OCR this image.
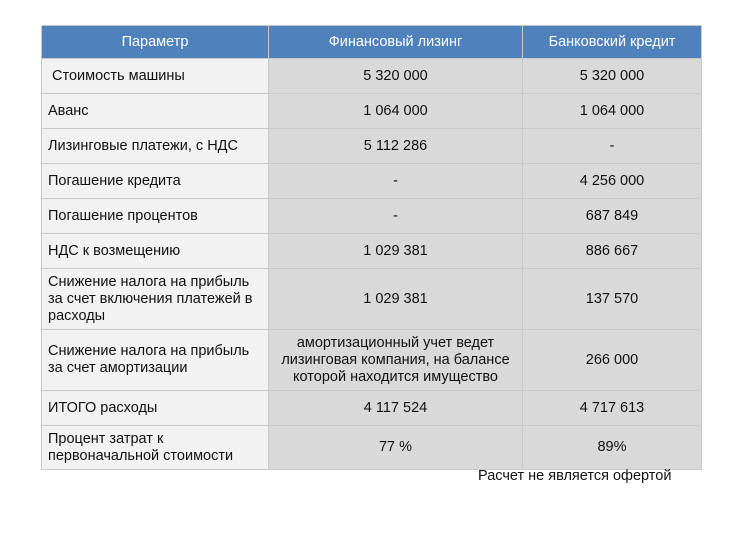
Параметр	Финансовый лизинг	Банковский кредит
Стоимость машины	5 320 000	5 320 000
Аванс	1 064 000	1 064 000
Лизинговые платежи, с НДС	5 112 286	-
Погашение кредита	-	4 256 000
Погашение процентов	-	687 849
НДС к возмещению	1 029 381	886 667
Снижение налога на прибыль за счет включения платежей в расходы	1 029 381	137 570
Снижение налога на прибыль за счет амортизации	амортизационный учет ведет лизинговая компания, на балансе которой находится имущество	266 000
ИТОГО расходы	4 117 524	4 717 613
Процент затрат к первоначальной стоимости	77 %	89%
Расчет не является офертой
